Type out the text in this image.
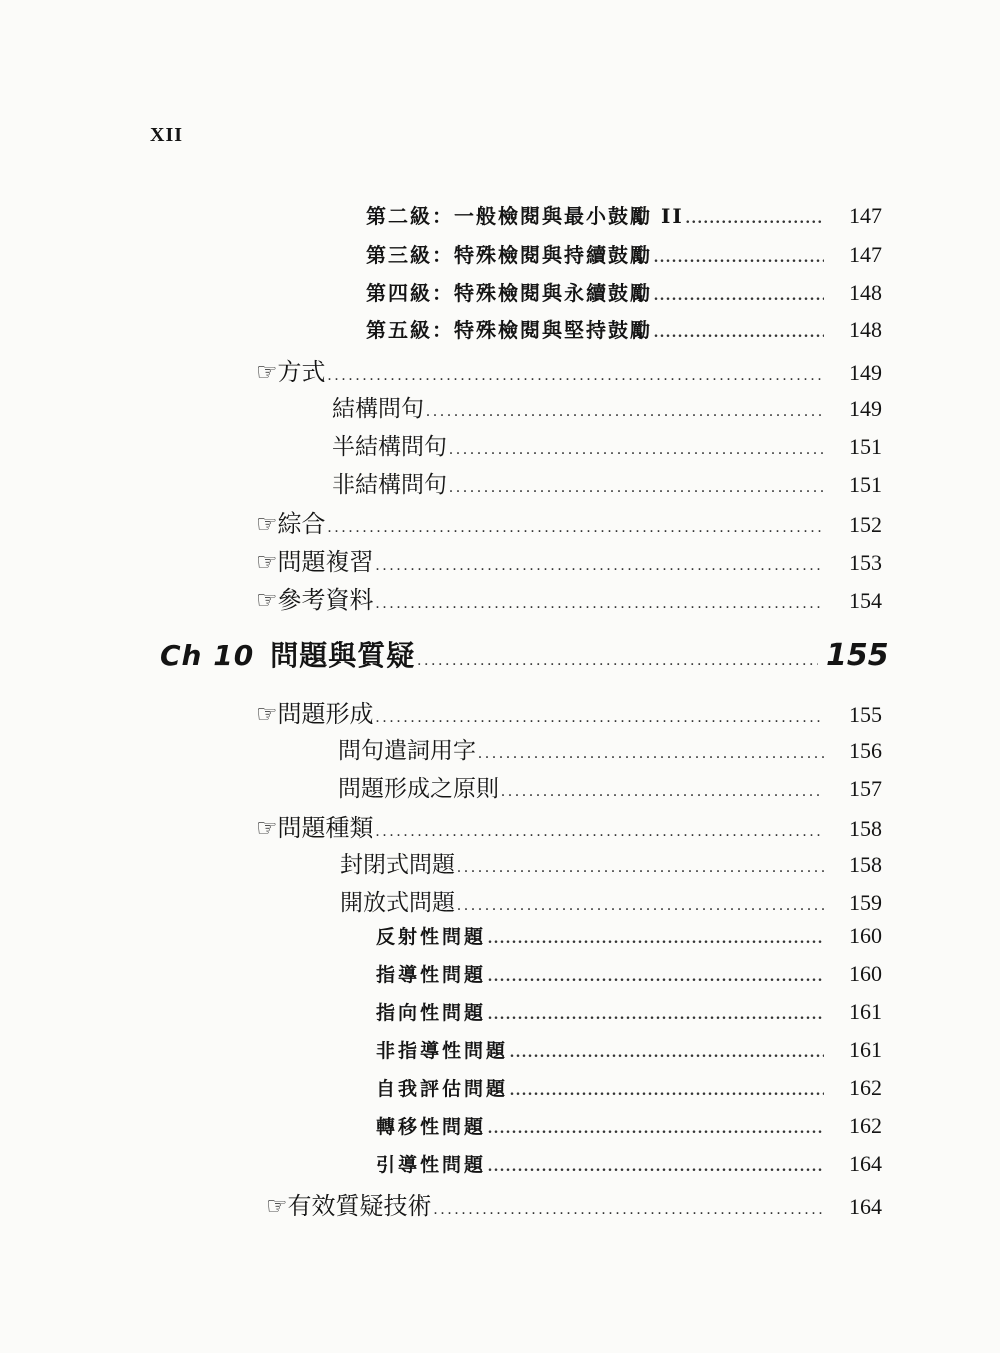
XII
第二級：一般檢閱與最小鼓勵 II .....	147
第三級：特殊檢閱與持續鼓勵 .....	147
第四級：特殊檢閱與永續鼓勵 .....	148
第五級：特殊檢閱與堅持鼓勵 .....	148
☞ 方式 .....	149
結構問句 .....	149
半結構問句 .....	151
非結構問句 .....	151
☞ 綜合 .....	152
☞ 問題複習 .....	153
☞ 參考資料 .....	154
Ch 10 問題與質疑 .....	155
☞ 問題形成 .....	155
問句遣詞用字 .....	156
問題形成之原則 .....	157
☞ 問題種類 .....	158
封閉式問題 .....	158
開放式問題 .....	159
反射性問題 .....	160
指導性問題 .....	160
指向性問題 .....	161
非指導性問題 .....	161
自我評估問題 .....	162
轉移性問題 .....	162
引導性問題 .....	164
☞ 有效質疑技術 .....	164
